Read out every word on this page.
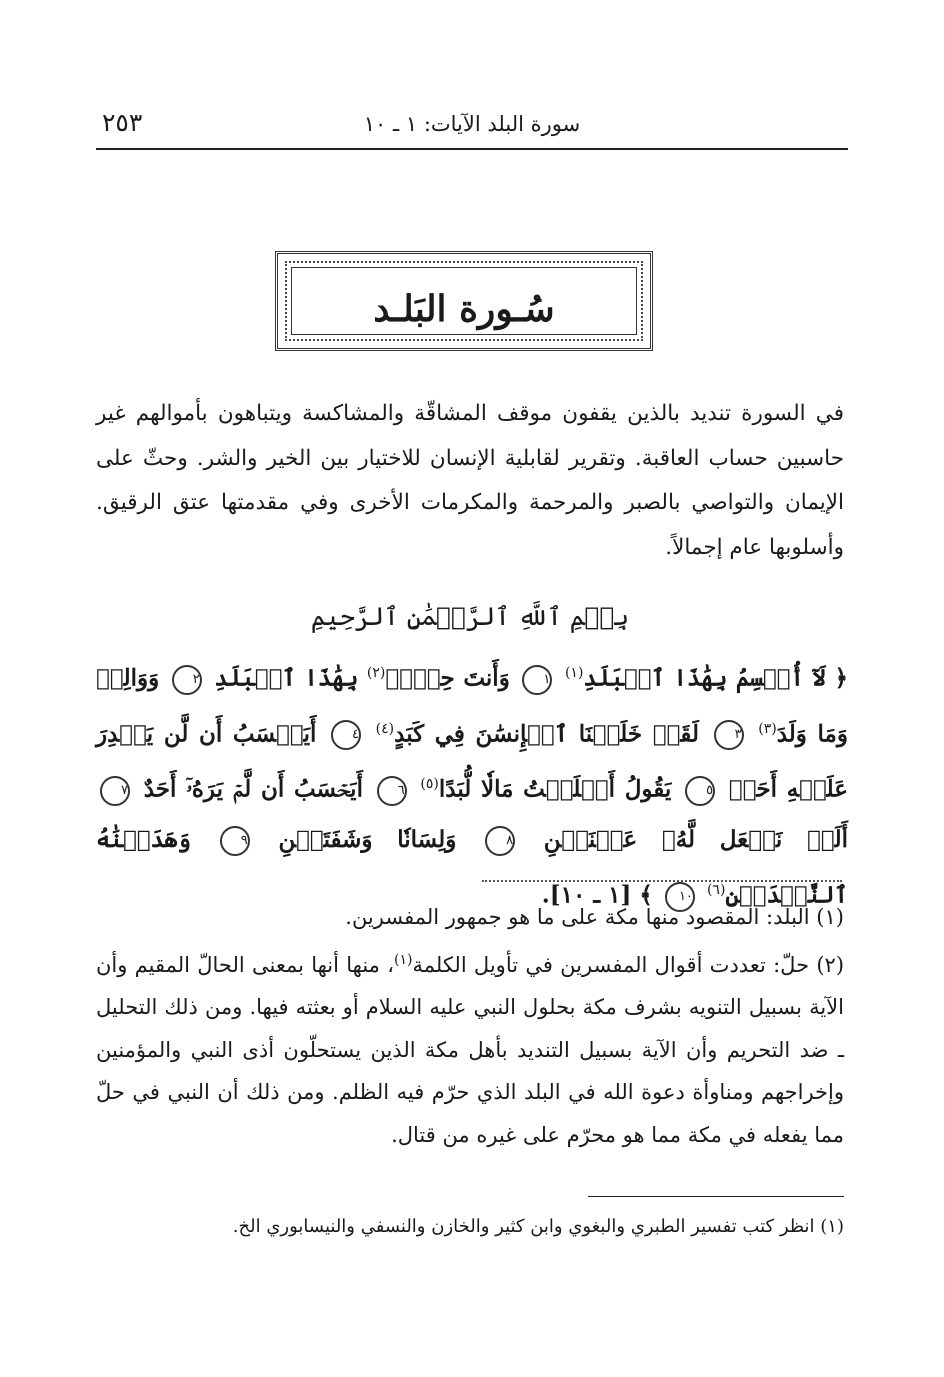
سورة البلد الآيات: ١ ـ ١٠
٢٥٣
سُـورة البَلـد
في السورة تنديد بالذين يقفون موقف المشاقّة والمشاكسة ويتباهون بأموالهم غير حاسبين حساب العاقبة. وتقرير لقابلية الإنسان للاختيار بين الخير والشر. وحثّ على الإيمان والتواصي بالصبر والمرحمة والمكرمات الأخرى وفي مقدمتها عتق الرقيق. وأسلوبها عام إجمالاً.
بِسۡمِ ٱللَّهِ ٱلرَّحۡمَٰنِ ٱلرَّحِيمِ
﴿ لَآ أُقۡسِمُ بِهَٰذَا ٱلۡبَلَدِ$^{(١)}$ ١ وَأَنتَ حِلُّۢ$^{(٢)}$ بِهَٰذَا ٱلۡبَلَدِ ٢ وَوَالِدٖ وَمَا وَلَدَ$^{(٣)}$ ٣ لَقَدۡ خَلَقۡنَا ٱلۡإِنسَٰنَ فِي كَبَدٍ$^{(٤)}$ ٤ أَيَحۡسَبُ أَن لَّن يَقۡدِرَ عَلَيۡهِ أَحَدٞ ٥ يَقُولُ أَهۡلَكۡتُ مَالٗا لُّبَدًا$^{(٥)}$ ٦ أَيَحۡسَبُ أَن لَّمۡ يَرَهُۥٓ أَحَدٌ ٧ أَلَمۡ نَجۡعَل لَّهُۥ عَيۡنَيۡنِ ٨ وَلِسَانٗا وَشَفَتَيۡنِ ٩ وَهَدَيۡنَٰهُ ٱلنَّجۡدَيۡنِ$^{(٦)}$ ١٠ ﴾ [١ ـ ١٠].

(١) البلد: المقصود منها مكة على ما هو جمهور المفسرين.

(٢) حلّ: تعددت أقوال المفسرين في تأويل الكلمة$^{(١)}$، منها أنها بمعنى الحالّ المقيم وأن الآية بسبيل التنويه بشرف مكة بحلول النبي عليه السلام أو بعثته فيها. ومن ذلك التحليل ـ ضد التحريم وأن الآية بسبيل التنديد بأهل مكة الذين يستحلّون أذى النبي والمؤمنين وإخراجهم ومناوأة دعوة الله في البلد الذي حرّم فيه الظلم. ومن ذلك أن النبي في حلّ مما يفعله في مكة مما هو محرّم على غيره من قتال.

(١) انظر كتب تفسير الطبري والبغوي وابن كثير والخازن والنسفي والنيسابوري الخ.
